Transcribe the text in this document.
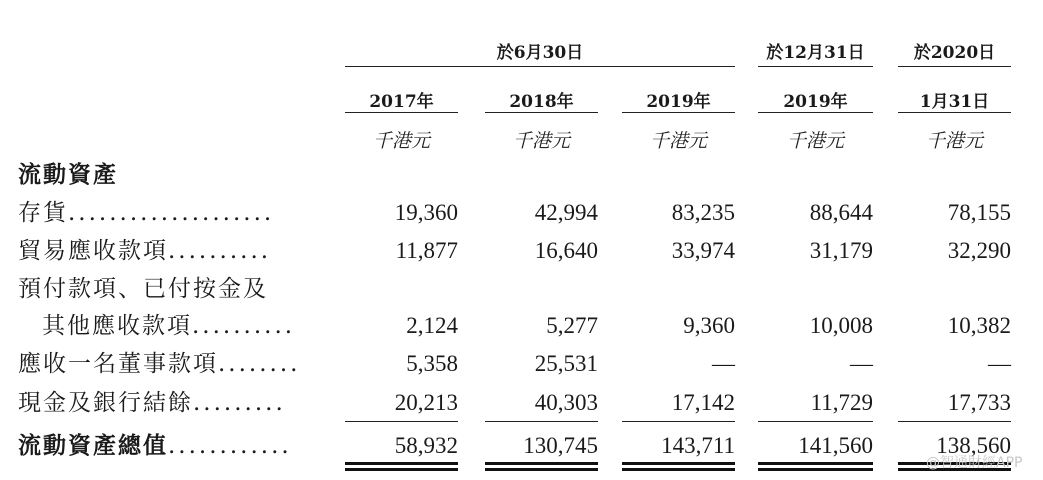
於6月30日	於12月31日	於2020日
2017年	2018年	2019年	2019年	1月31日
千港元	千港元	千港元	千港元	千港元
流動資產
存貨....................	19,360	42,994	83,235	88,644	78,155
貿易應收款項..........	11,877	16,640	33,974	31,179	32,290
預付款項、已付按金及
其他應收款項..........	2,124	5,277	9,360	10,008	10,382
應收一名董事款項........	5,358	25,531	—	—	—
現金及銀行結餘.........	20,213	40,303	17,142	11,729	17,733
流動資產總值............	58,932	130,745	143,711	141,560	138,560
@智通財經APP
